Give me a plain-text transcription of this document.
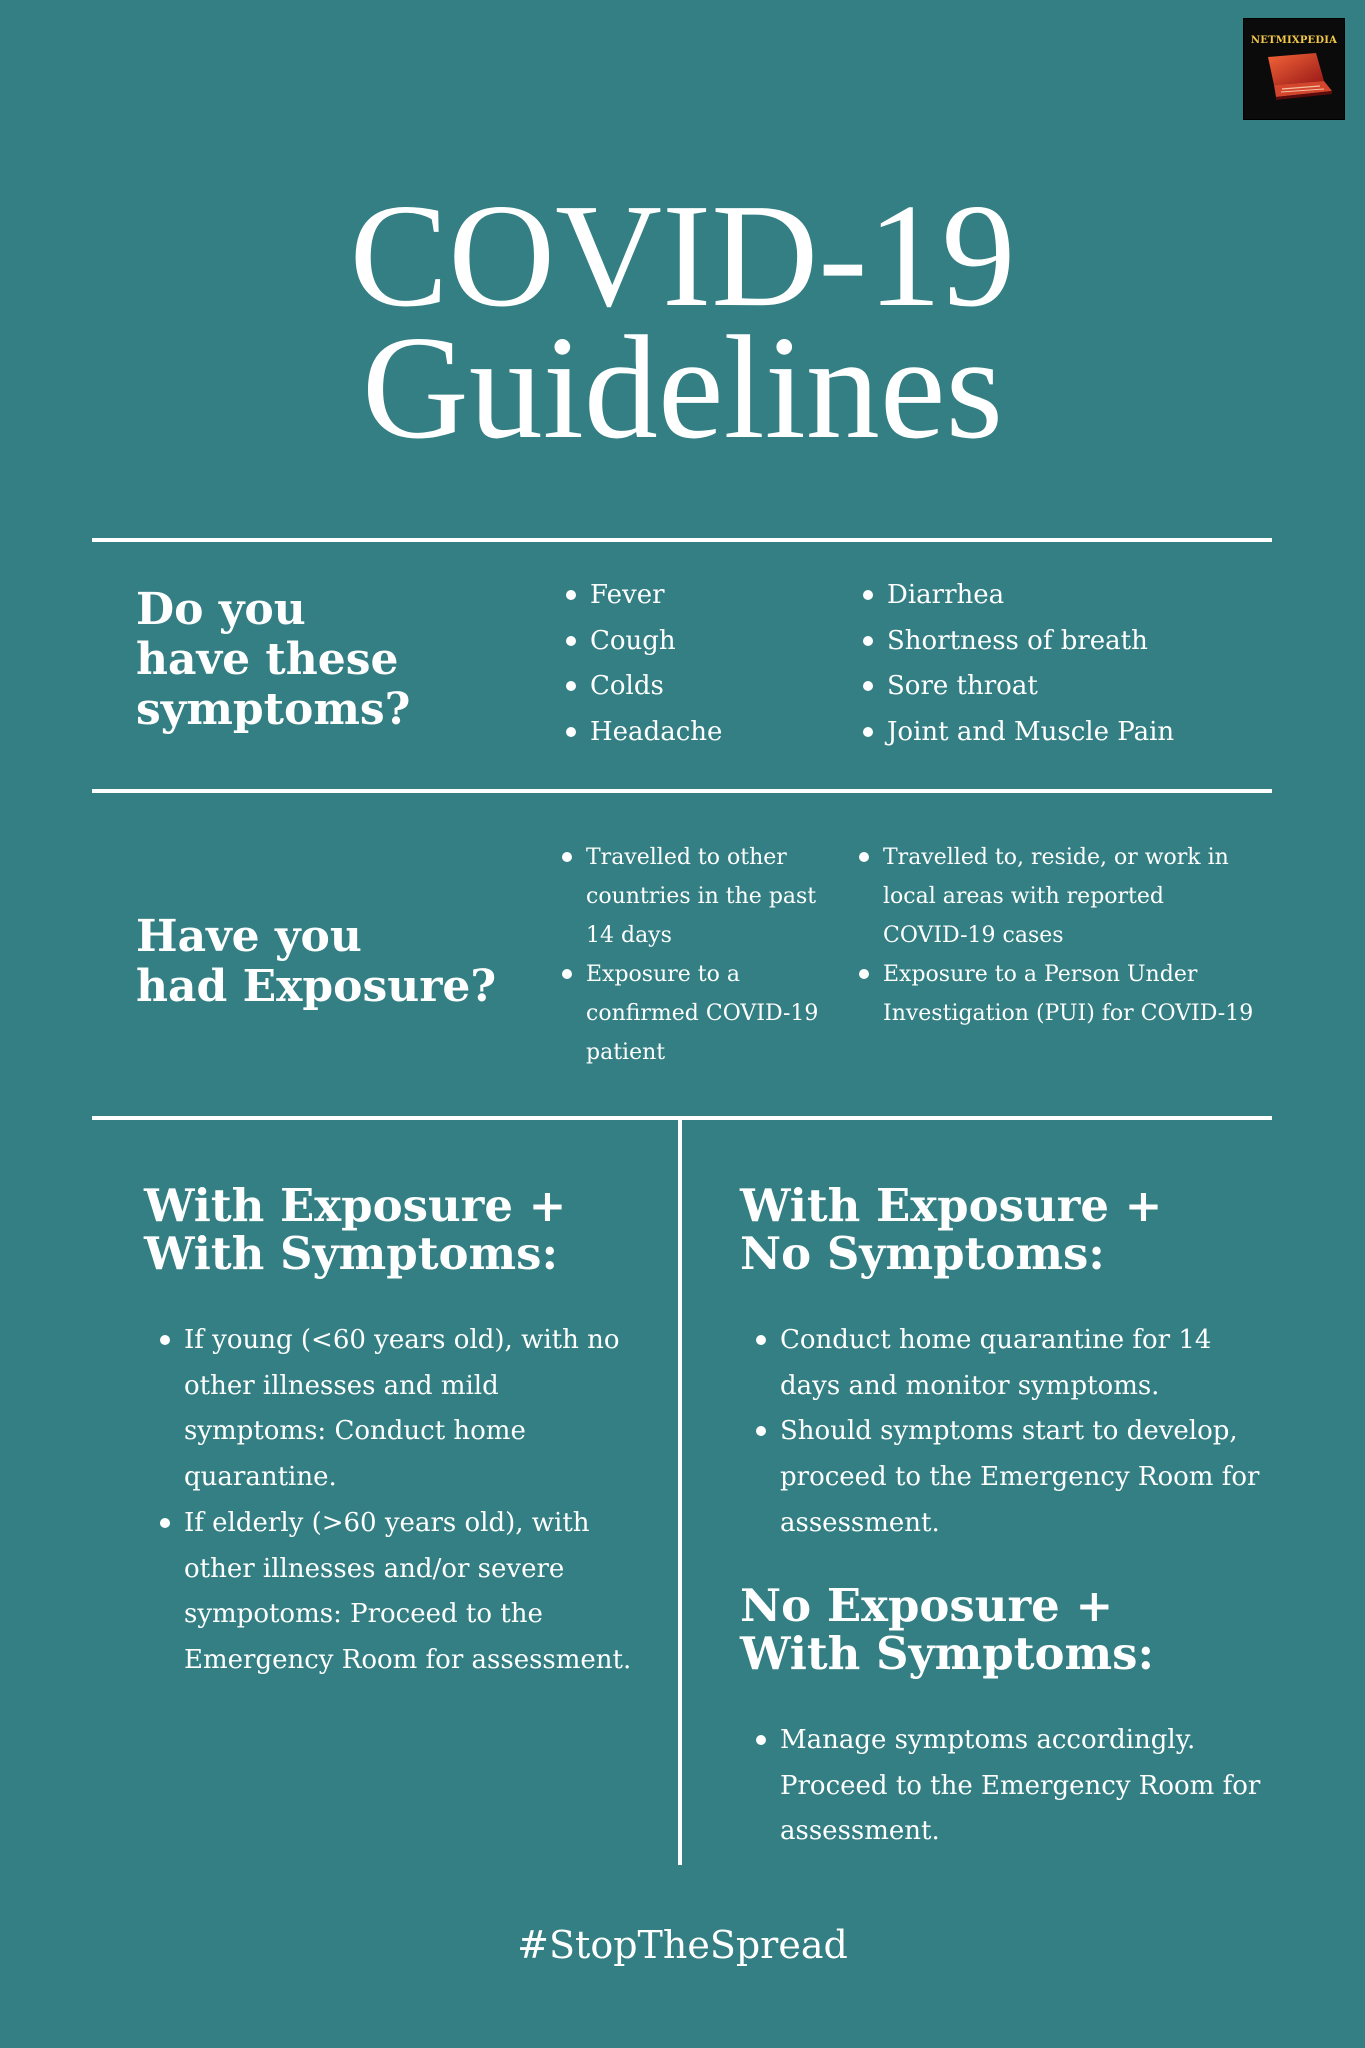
NETMIXPEDIA
COVID-19
Guidelines
Do you
have these
symptoms?
Fever
Cough
Colds
Headache
Diarrhea
Shortness of breath
Sore throat
Joint and Muscle Pain
Have you
had Exposure?
Travelled to other
countries in the past
14 days
Exposure to a
confirmed COVID-19
patient
Travelled to, reside, or work in
local areas with reported
COVID-19 cases
Exposure to a Person Under
Investigation (PUI) for COVID-19
With Exposure +
With Symptoms:
If young (<60 years old), with no
other illnesses and mild
symptoms: Conduct home
quarantine.
If elderly (>60 years old), with
other illnesses and/or severe
sympotoms: Proceed to the
Emergency Room for assessment.
With Exposure +
No Symptoms:
Conduct home quarantine for 14
days and monitor symptoms.
Should symptoms start to develop,
proceed to the Emergency Room for
assessment.
No Exposure +
With Symptoms:
Manage symptoms accordingly.
Proceed to the Emergency Room for
assessment.
#StopTheSpread
